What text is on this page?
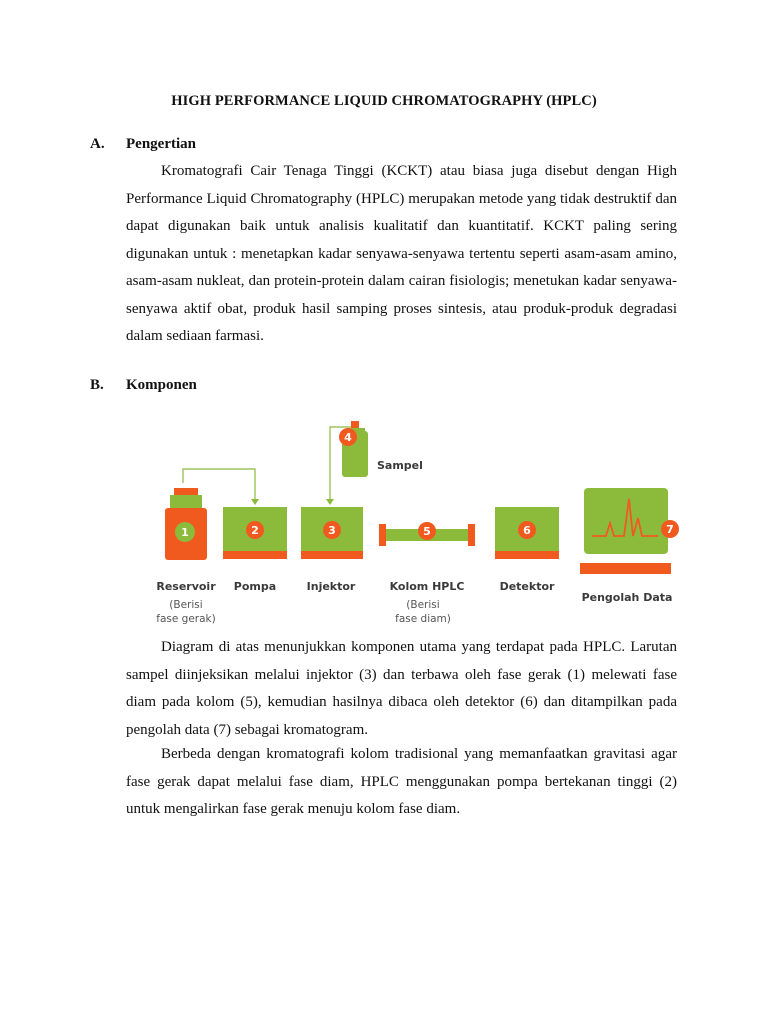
HIGH PERFORMANCE LIQUID CHROMATOGRAPHY (HPLC)
A. Pengertian

Kromatografi Cair Tenaga Tinggi (KCKT) atau biasa juga disebut dengan High Performance Liquid Chromatography (HPLC) merupakan metode yang tidak destruktif dan dapat digunakan baik untuk analisis kualitatif dan kuantitatif. KCKT paling sering digunakan untuk : menetapkan kadar senyawa-senyawa tertentu seperti asam-asam amino, asam-asam nukleat, dan protein-protein dalam cairan fisiologis; menetukan kadar senyawa-senyawa aktif obat, produk hasil samping proses sintesis, atau produk-produk degradasi dalam sediaan farmasi.

B. Komponen
1	2	3
4
Sampel
5	6	7
Reservoir
(Berisi
fase gerak)
Pompa	Injektor	Kolom HPLC
(Berisi
fase diam)
Detektor
Pengolah Data

Diagram di atas menunjukkan komponen utama yang terdapat pada HPLC. Larutan sampel diinjeksikan melalui injektor (3) dan terbawa oleh fase gerak (1) melewati fase diam pada kolom (5), kemudian hasilnya dibaca oleh detektor (6) dan ditampilkan pada pengolah data (7) sebagai kromatogram.

Berbeda dengan kromatografi kolom tradisional yang memanfaatkan gravitasi agar fase gerak dapat melalui fase diam, HPLC menggunakan pompa bertekanan tinggi (2) untuk mengalirkan fase gerak menuju kolom fase diam.
